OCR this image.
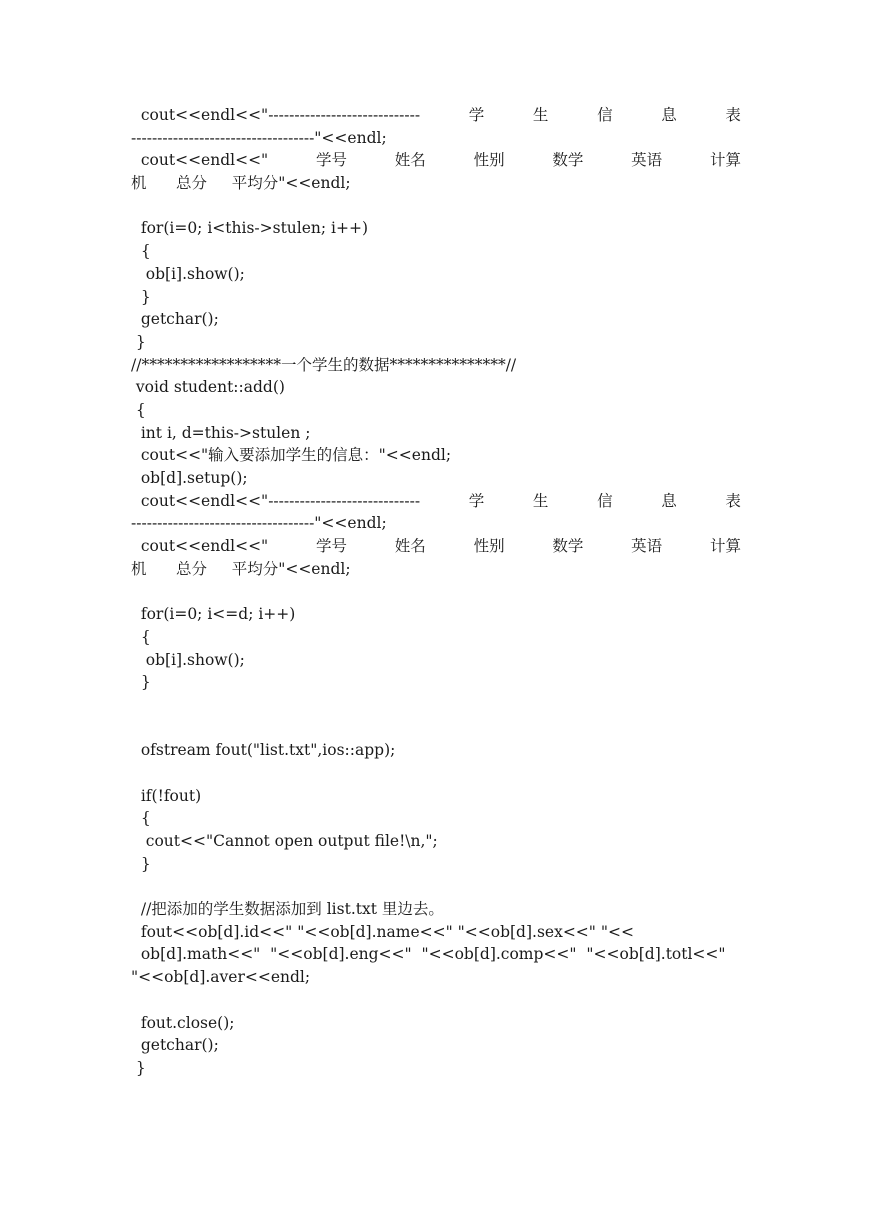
cout<<endl<<"-----------------------------	学	生	信	息	表
-----------------------------------"<<endl;
cout<<endl<<"	学号	姓名	性别	数学	英语	计算
机      总分     平均分"<<endl;
for(i=0; i<this->stulen; i++)
{
ob[i].show();
}
getchar();
}
//******************一个学生的数据***************//
void student::add()
{
int i, d=this->stulen ;
cout<<"输入要添加学生的信息："<<endl;
ob[d].setup();
cout<<endl<<"-----------------------------	学	生	信	息	表
-----------------------------------"<<endl;
cout<<endl<<"	学号	姓名	性别	数学	英语	计算
机      总分     平均分"<<endl;
for(i=0; i<=d; i++)
{
ob[i].show();
}
ofstream fout("list.txt",ios::app);
if(!fout)
{
cout<<"Cannot open output file!\n,";
}
//把添加的学生数据添加到 list.txt 里边去。
fout<<ob[d].id<<" "<<ob[d].name<<" "<<ob[d].sex<<" "<<
ob[d].math<<"  "<<ob[d].eng<<"  "<<ob[d].comp<<"  "<<ob[d].totl<<"
"<<ob[d].aver<<endl;
fout.close();
getchar();
}
